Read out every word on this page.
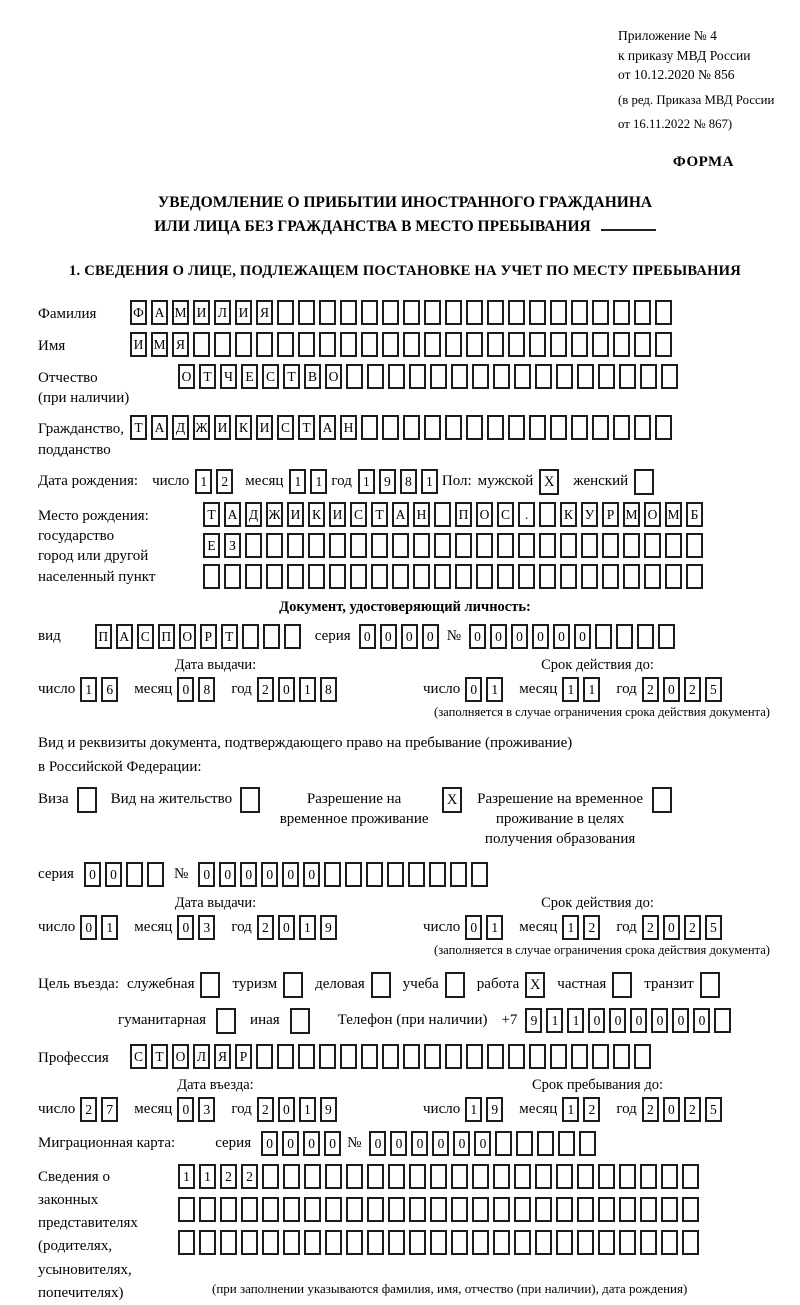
Приложение № 4
к приказу МВД России
от 10.12.2020 № 856
(в ред. Приказа МВД России
от 16.11.2022 № 867)
ФОРМА
УВЕДОМЛЕНИЕ О ПРИБЫТИИ ИНОСТРАННОГО ГРАЖДАНИНА
ИЛИ ЛИЦА БЕЗ ГРАЖДАНСТВА В МЕСТО ПРЕБЫВАНИЯ
1. СВЕДЕНИЯ О ЛИЦЕ, ПОДЛЕЖАЩЕМ ПОСТАНОВКЕ НА УЧЕТ ПО МЕСТУ ПРЕБЫВАНИЯ
Фамилия	Ф А М И Л И Я
Имя	И М Я
Отчество
(при наличии)
О Т Ч Е С Т В О
Гражданство,
подданство
Т А Д Ж И К И С Т А Н
Дата рождения: число 1 2	месяц 1 1 год 1 9 8 1 Пол: мужской X	женский
Место рождения:
государство
город или другой
населенный пункт
Т А Д Ж И К И С Т А Н П О С .	К У Р М О М Б
Е З
Документ, удостоверяющий личность:
вид	П А С П О Р Т	серия 0 0 0 0 № 0 0 0 0 0 0
Дата выдачи:
число 1 6	месяц 0 8	год 2 0 1 8
Срок действия до:
число 0 1	месяц 1 1	год 2 0 2 5
(заполняется в случае ограничения срока действия документа)
Вид и реквизиты документа, подтверждающего право на пребывание (проживание)
в Российской Федерации:
Виза	Вид на жительство	Разрешение на временное проживание
X	Разрешение на временное проживание в целях получения образования
серия	0 0	№	0 0 0 0 0 0
Дата выдачи:
число 0 1	месяц 0 3	год 2 0 1 9
Срок действия до:
число 0 1	месяц 1 2	год 2 0 2 5
(заполняется в случае ограничения срока действия документа)
Цель въезда: служебная	туризм	деловая	учеба	работа X	частная	транзит
гуманитарная	иная	Телефон (при наличии) +7 9 1 1 0 0 0 0 0 0
Профессия	С Т О Л Я Р
Дата въезда:
число 2 7	месяц 0 3	год 2 0 1 9
Срок пребывания до:
число 1 9	месяц 1 2	год 2 0 2 5
Миграционная карта:	серия	0 0 0 0 № 0 0 0 0 0 0
Сведения о
законных
представителях
(родителях,
усыновителях,
попечителях)
1 1 2 2
(при заполнении указываются фамилия, имя, отчество (при наличии), дата рождения)
